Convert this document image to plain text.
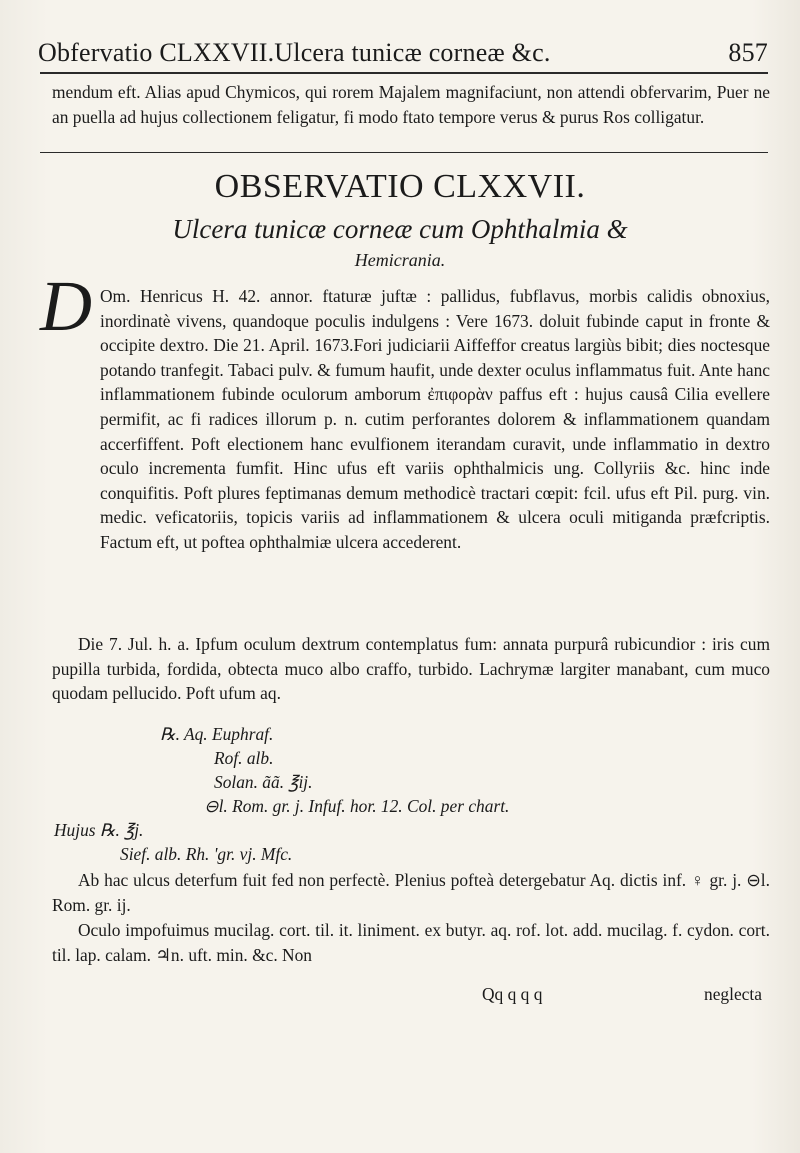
Obfervatio CLXXVII.Ulcera tunicæ corneæ &c.	857
mendum eft. Alias apud Chymicos, qui rorem Majalem magnifaciunt, non attendi obfervarim, Puer ne an puella ad hujus collectionem feligatur, fi modo ftato tempore verus & purus Ros colligatur.
OBSERVATIO CLXXVII.
Ulcera tunicæ corneæ cum Ophthalmia &
Hemicrania.
D Om. Henricus H. 42. annor. ftaturæ juftæ : pallidus, fubflavus, morbis calidis obnoxius, inordinatè vivens, quandoque poculis indulgens : Vere 1673. doluit fubinde caput in fronte & occipite dextro. Die 21. April. 1673.Fori judiciarii Aiffeffor creatus largiùs bibit; dies noctesque potando tranfegit. Tabaci pulv. & fumum haufit, unde dexter oculus inflammatus fuit. Ante hanc inflammationem fubinde oculorum amborum ἐπιφορὰν paffus eft : hujus causâ Cilia evellere permifit, ac fi radices illorum p. n. cutim perforantes dolorem & inflammationem quandam accerfiffent. Poft electionem hanc evulfionem iterandam curavit, unde inflammatio in dextro oculo incrementa fumfit. Hinc ufus eft variis ophthalmicis ung. Collyriis &c. hinc inde conquifitis. Poft plures feptimanas demum methodicè tractari cœpit: fcil. ufus eft Pil. purg. vin. medic. veficatoriis, topicis variis ad inflammationem & ulcera oculi mitiganda præfcriptis. Factum eft, ut poftea ophthalmiæ ulcera accederent.

Die 7. Jul. h. a. Ipfum oculum dextrum contemplatus fum: annata purpurâ rubicundior : iris cum pupilla turbida, fordida, obtecta muco albo craffo, turbido. Lachrymæ largiter manabant, cum muco quodam pellucido. Poft ufum aq.

℞. Aq. Euphraf.
Rof. alb.
Solan. ãã. ℥ij.
⊖l. Rom. gr. j. Infuf. hor. 12. Col. per chart.
Hujus ℞. ℥j.
Sief. alb. Rh. 'gr. vj. Mfc.

Ab hac ulcus deterfum fuit fed non perfectè. Plenius pofteà detergebatur Aq. dictis inf. ♀ gr. j. ⊖l. Rom. gr. ij.

Oculo impofuimus mucilag. cort. til. it. liniment. ex butyr. aq. rof. lot. add. mucilag. f. cydon. cort. til. lap. calam. ♃n. uft. min. &c. Non

Qq q q q	neglecta
